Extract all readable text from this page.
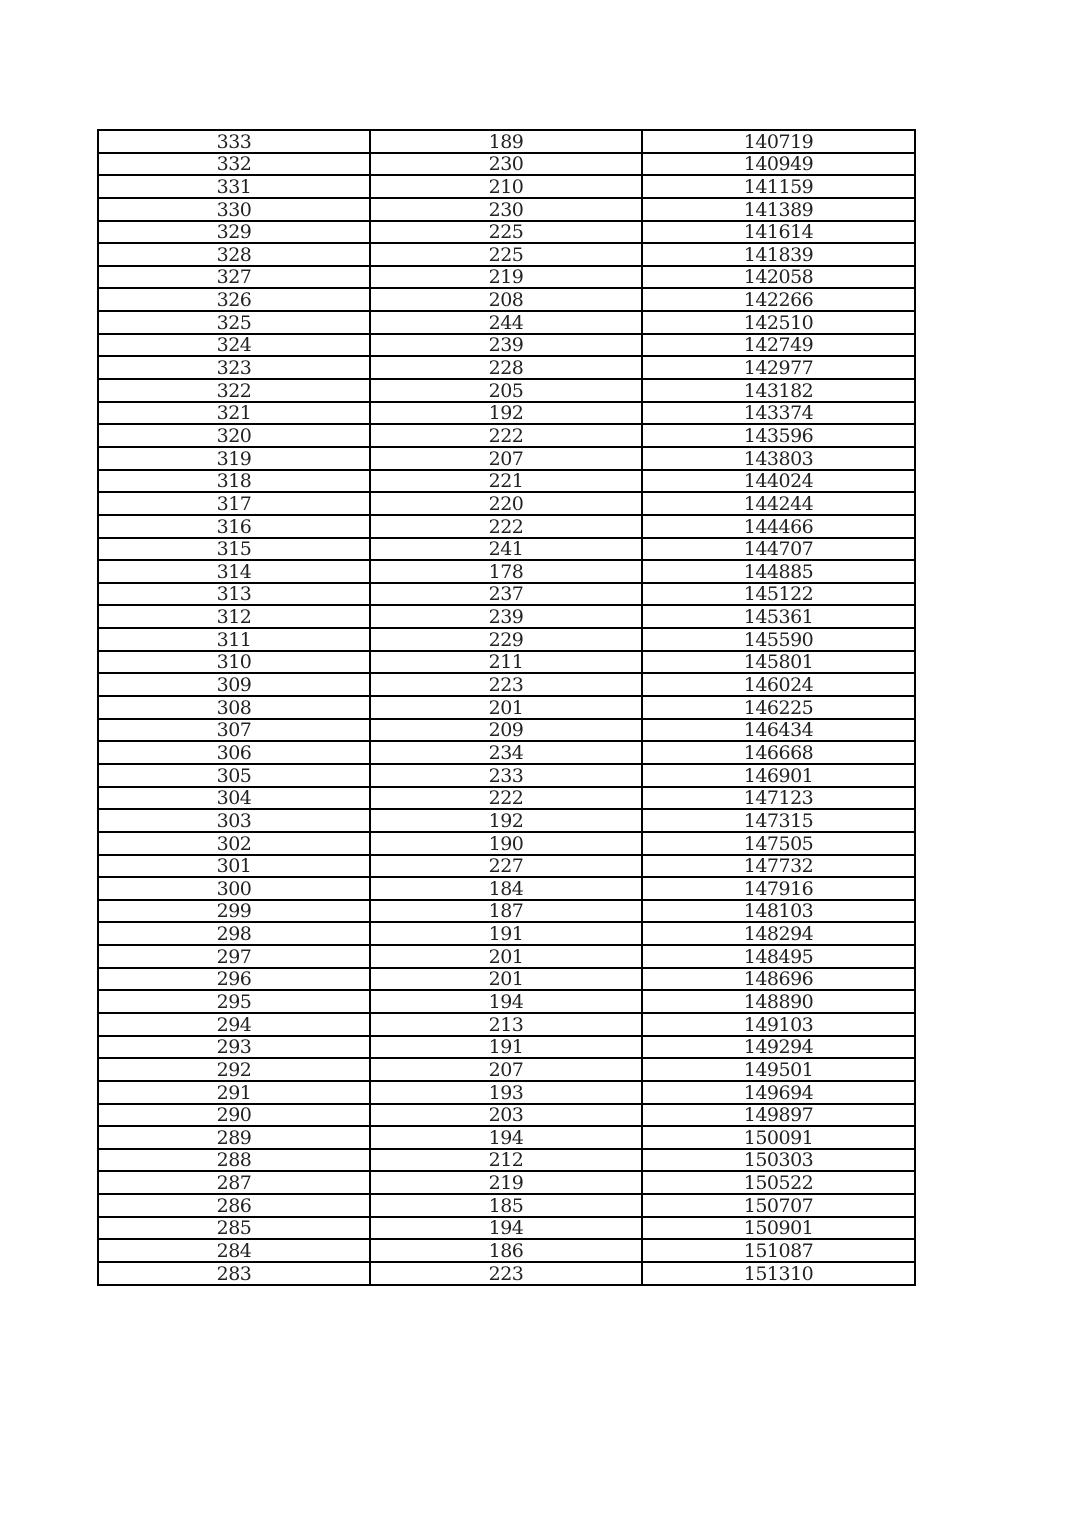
333	189	140719
332	230	140949
331	210	141159
330	230	141389
329	225	141614
328	225	141839
327	219	142058
326	208	142266
325	244	142510
324	239	142749
323	228	142977
322	205	143182
321	192	143374
320	222	143596
319	207	143803
318	221	144024
317	220	144244
316	222	144466
315	241	144707
314	178	144885
313	237	145122
312	239	145361
311	229	145590
310	211	145801
309	223	146024
308	201	146225
307	209	146434
306	234	146668
305	233	146901
304	222	147123
303	192	147315
302	190	147505
301	227	147732
300	184	147916
299	187	148103
298	191	148294
297	201	148495
296	201	148696
295	194	148890
294	213	149103
293	191	149294
292	207	149501
291	193	149694
290	203	149897
289	194	150091
288	212	150303
287	219	150522
286	185	150707
285	194	150901
284	186	151087
283	223	151310
